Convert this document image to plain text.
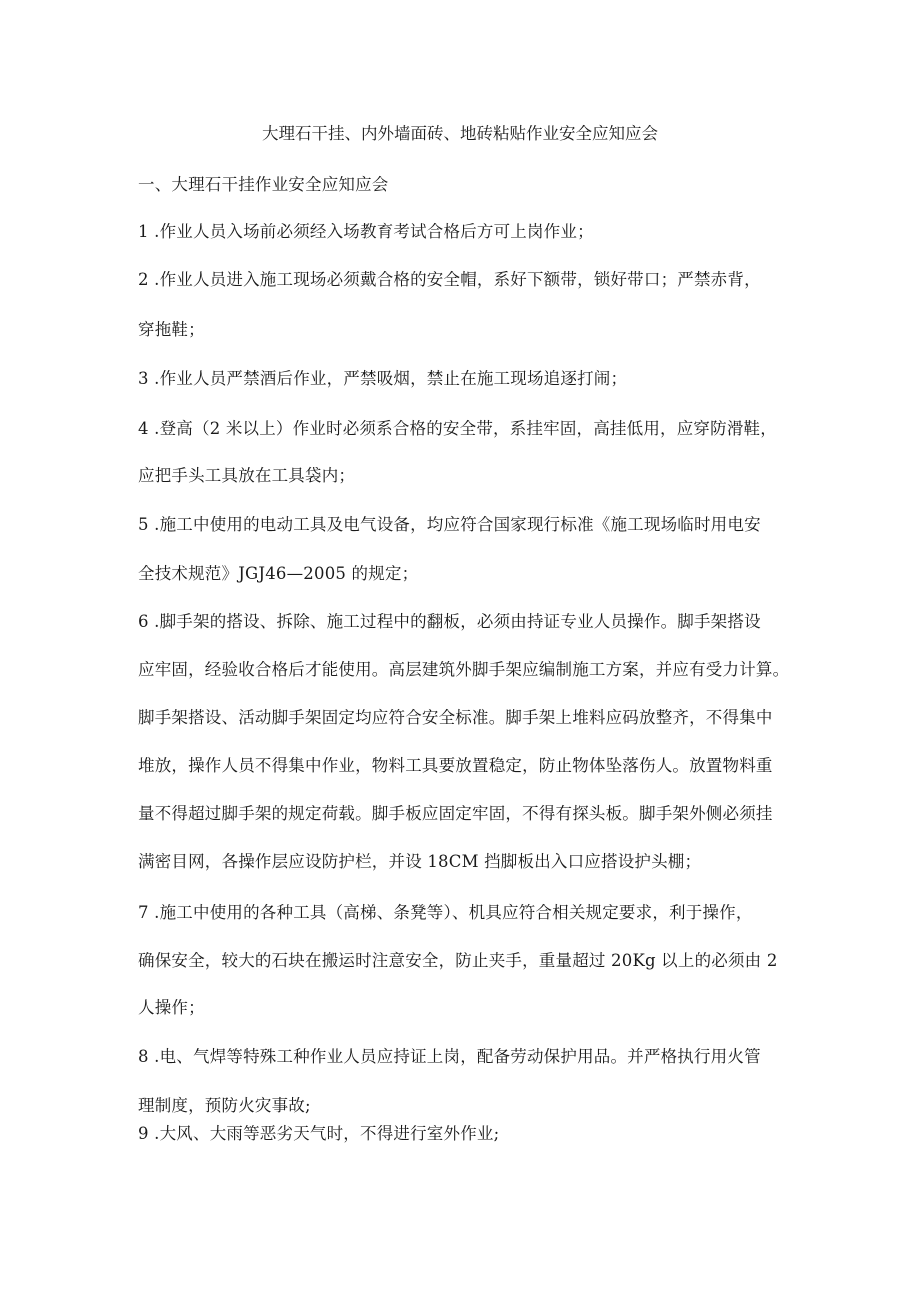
大理石干挂、内外墙面砖、地砖粘贴作业安全应知应会
一、大理石干挂作业安全应知应会
1 .作业人员入场前必须经入场教育考试合格后方可上岗作业；
2 .作业人员进入施工现场必须戴合格的安全帽，系好下额带，锁好带口；严禁赤背，
穿拖鞋；
3 .作业人员严禁酒后作业，严禁吸烟，禁止在施工现场追逐打闹；
4 .登高（2 米以上）作业时必须系合格的安全带，系挂牢固，高挂低用，应穿防滑鞋，
应把手头工具放在工具袋内；
5 .施工中使用的电动工具及电气设备，均应符合国家现行标准《施工现场临时用电安
全技术规范》JGJ46—2005 的规定；
6 .脚手架的搭设、拆除、施工过程中的翻板，必须由持证专业人员操作。脚手架搭设
应牢固，经验收合格后才能使用。高层建筑外脚手架应编制施工方案，并应有受力计算。
脚手架搭设、活动脚手架固定均应符合安全标准。脚手架上堆料应码放整齐，不得集中
堆放，操作人员不得集中作业，物料工具要放置稳定，防止物体坠落伤人。放置物料重
量不得超过脚手架的规定荷载。脚手板应固定牢固，不得有探头板。脚手架外侧必须挂
满密目网，各操作层应设防护栏，并设 18CM 挡脚板出入口应搭设护头棚；
7 .施工中使用的各种工具（高梯、条凳等）、机具应符合相关规定要求，利于操作，
确保安全，较大的石块在搬运时注意安全，防止夹手，重量超过 20Kg 以上的必须由 2
人操作；
8 .电、气焊等特殊工种作业人员应持证上岗，配备劳动保护用品。并严格执行用火管
理制度，预防火灾事故;
9 .大风、大雨等恶劣天气时，不得进行室外作业;
